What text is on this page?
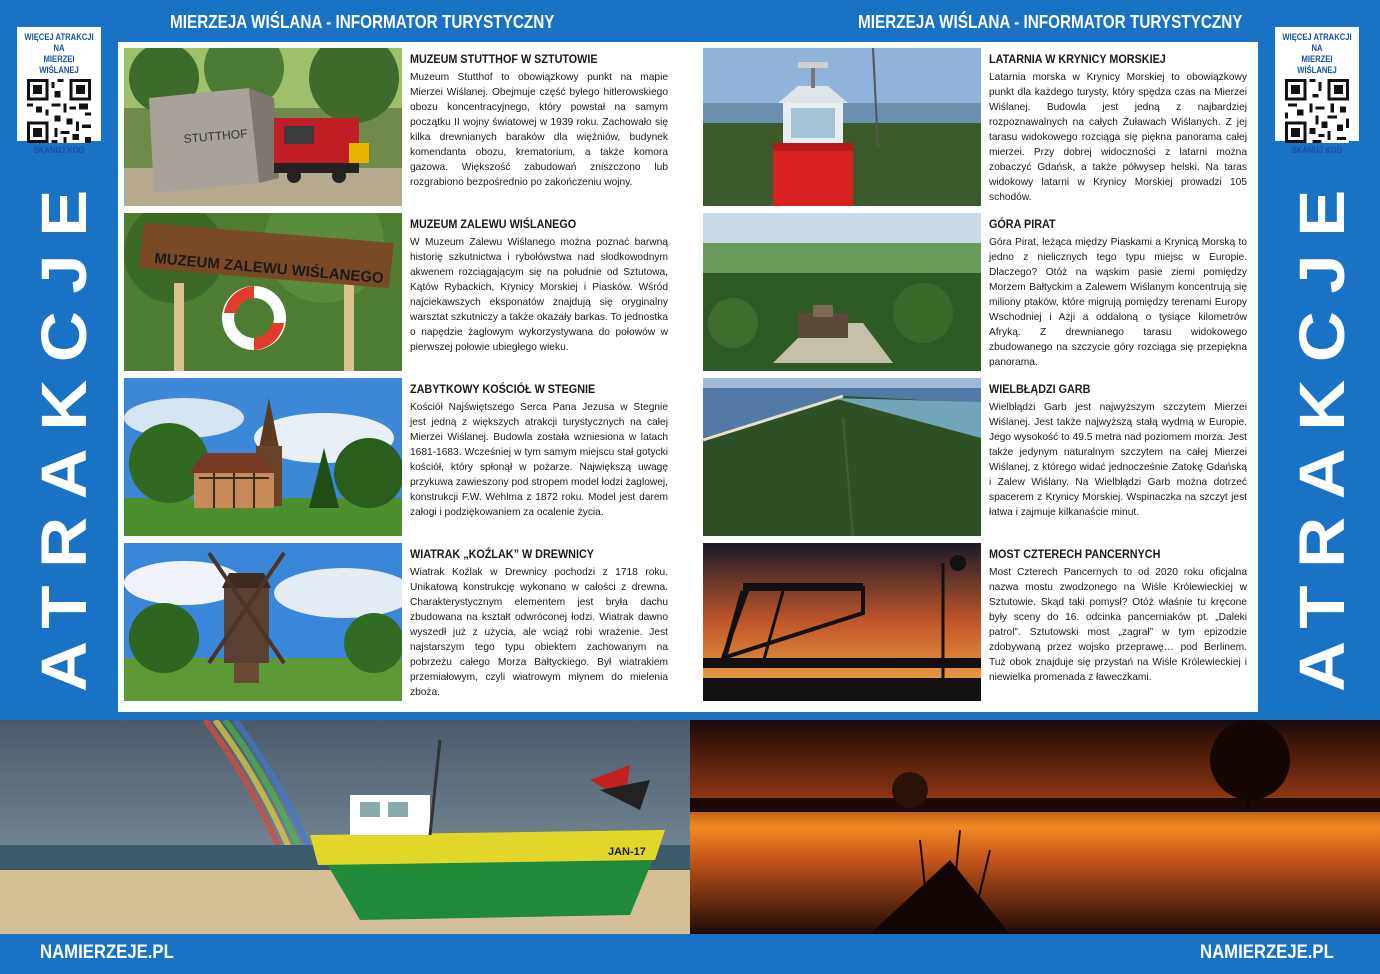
MIERZEJA WIŚLANA - INFORMATOR TURYSTYCZNY	MIERZEJA WIŚLANA - INFORMATOR TURYSTYCZNY
WIĘCEJ ATRAKCJI NA
MIERZEI WIŚLANEJ
SKANUJ KOD
ATRAKCJE
WIĘCEJ ATRAKCJI NA
MIERZEI WIŚLANEJ
SKANUJ KOD
ATRAKCJE
STUTTHOF
MUZEUM STUTTHOF W SZTUTOWIE
Muzeum Stutthof to obowiązkowy punkt na mapie Mierzei Wiślanej. Obejmuje część byłego hitlerowskiego obozu koncentracyjnego, który powstał na samym początku II wojny światowej w 1939 roku. Zachowało się kilka drewnianych baraków dla więźniów, budynek komendanta obozu, krematorium, a także komora gazowa. Większość zabudowań zniszczono lub rozgrabiono bezpośrednio po zakończeniu wojny.
MUZEUM ZALEWU WIŚLANEGO
MUZEUM ZALEWU WIŚLANEGO
W Muzeum Zalewu Wiślanego można poznać barwną historię szkutnictwa i rybołówstwa nad słodkowodnym akwenem rozciągającym się na południe od Sztutowa, Kątów Rybackich, Krynicy Morskiej i Piasków. Wśród najciekawszych eksponatów znajdują się oryginalny warsztat szkutniczy a także okazały barkas. To jednostka o napędzie żaglowym wykorzystywana do połowów w pierwszej połowie ubiegłego wieku.
ZABYTKOWY KOŚCIÓŁ W STEGNIE
Kościół Najświętszego Serca Pana Jezusa w Stegnie jest jedną z większych atrakcji turystycznych na całej Mierzei Wiślanej. Budowla została wzniesiona w latach 1681-1683. Wcześniej w tym samym miejscu stał gotycki kościół, który spłonął w pożarze. Największą uwagę przykuwa zawieszony pod stropem model łodzi żaglowej, konstrukcji F.W. Wehlma z 1872 roku. Model jest darem załogi i podziękowaniem za ocalenie życia.
WIATRAK „KOŹLAK” W DREWNICY
Wiatrak Koźlak w Drewnicy pochodzi z 1718 roku. Unikatową konstrukcję wykonano w całości z drewna. Charakterystycznym elementem jest bryła dachu zbudowana na kształt odwróconej łodzi. Wiatrak dawno wyszedł już z użycia, ale wciąż robi wrażenie. Jest najstarszym tego typu obiektem zachowanym na pobrzeżu całego Morza Bałtyckiego. Był wiatrakiem przemiałowym, czyli wiatrowym młynem do mielenia zboża.
LATARNIA W KRYNICY MORSKIEJ
Latarnia morska w Krynicy Morskiej to obowiązkowy punkt dla każdego turysty, który spędza czas na Mierzei Wiślanej. Budowla jest jedną z najbardziej rozpoznawalnych na całych Żuławach Wiślanych. Z jej tarasu widokowego rozciąga się piękna panorama całej mierzei. Przy dobrej widoczności z latarni można zobaczyć Gdańsk, a także półwysep helski. Na taras widokowy latarni w Krynicy Morskiej prowadzi 105 schodów.
GÓRA PIRAT
Góra Pirat, leżąca między Piaskami a Krynicą Morską to jedno z nielicznych tego typu miejsc w Europie. Dlaczego? Otóż na wąskim pasie ziemi pomiędzy Morzem Bałtyckim a Zalewem Wiślanym koncentrują się miliony ptaków, które migrują pomiędzy terenami Europy Wschodniej i Azji a oddaloną o tysiące kilometrów Afryką. Z drewnianego tarasu widokowego zbudowanego na szczycie góry rozciąga się przepiękna panorama.
WIELBŁĄDZI GARB
Wielbłądzi Garb jest najwyższym szczytem Mierzei Wiślanej. Jest także najwyższą stałą wydmą w Europie. Jego wysokość to 49.5 metra nad poziomem morza. Jest także jedynym naturalnym szczytem na całej Mierzei Wiślanej, z którego widać jednocześnie Zatokę Gdańską i Zalew Wiślany. Na Wielbłądzi Garb można dotrzeć spacerem z Krynicy Morskiej. Wspinaczka na szczyt jest łatwa i zajmuje kilkanaście minut.
MOST CZTERECH PANCERNYCH
Most Czterech Pancernych to od 2020 roku oficjalna nazwa mostu zwodzonego na Wiśle Królewieckiej w Sztutowie. Skąd taki pomysł? Otóż właśnie tu kręcone były sceny do 16. odcinka pancerniaków pt. „Daleki patrol”. Sztutowski most „zagrał” w tym epizodzie zdobywaną przez wojsko przeprawę… pod Berlinem. Tuż obok znajduje się przystań na Wiśle Królewieckiej i niewielka promenada z ławeczkami.
JAN-17
NAMIERZEJE.PL	NAMIERZEJE.PL
